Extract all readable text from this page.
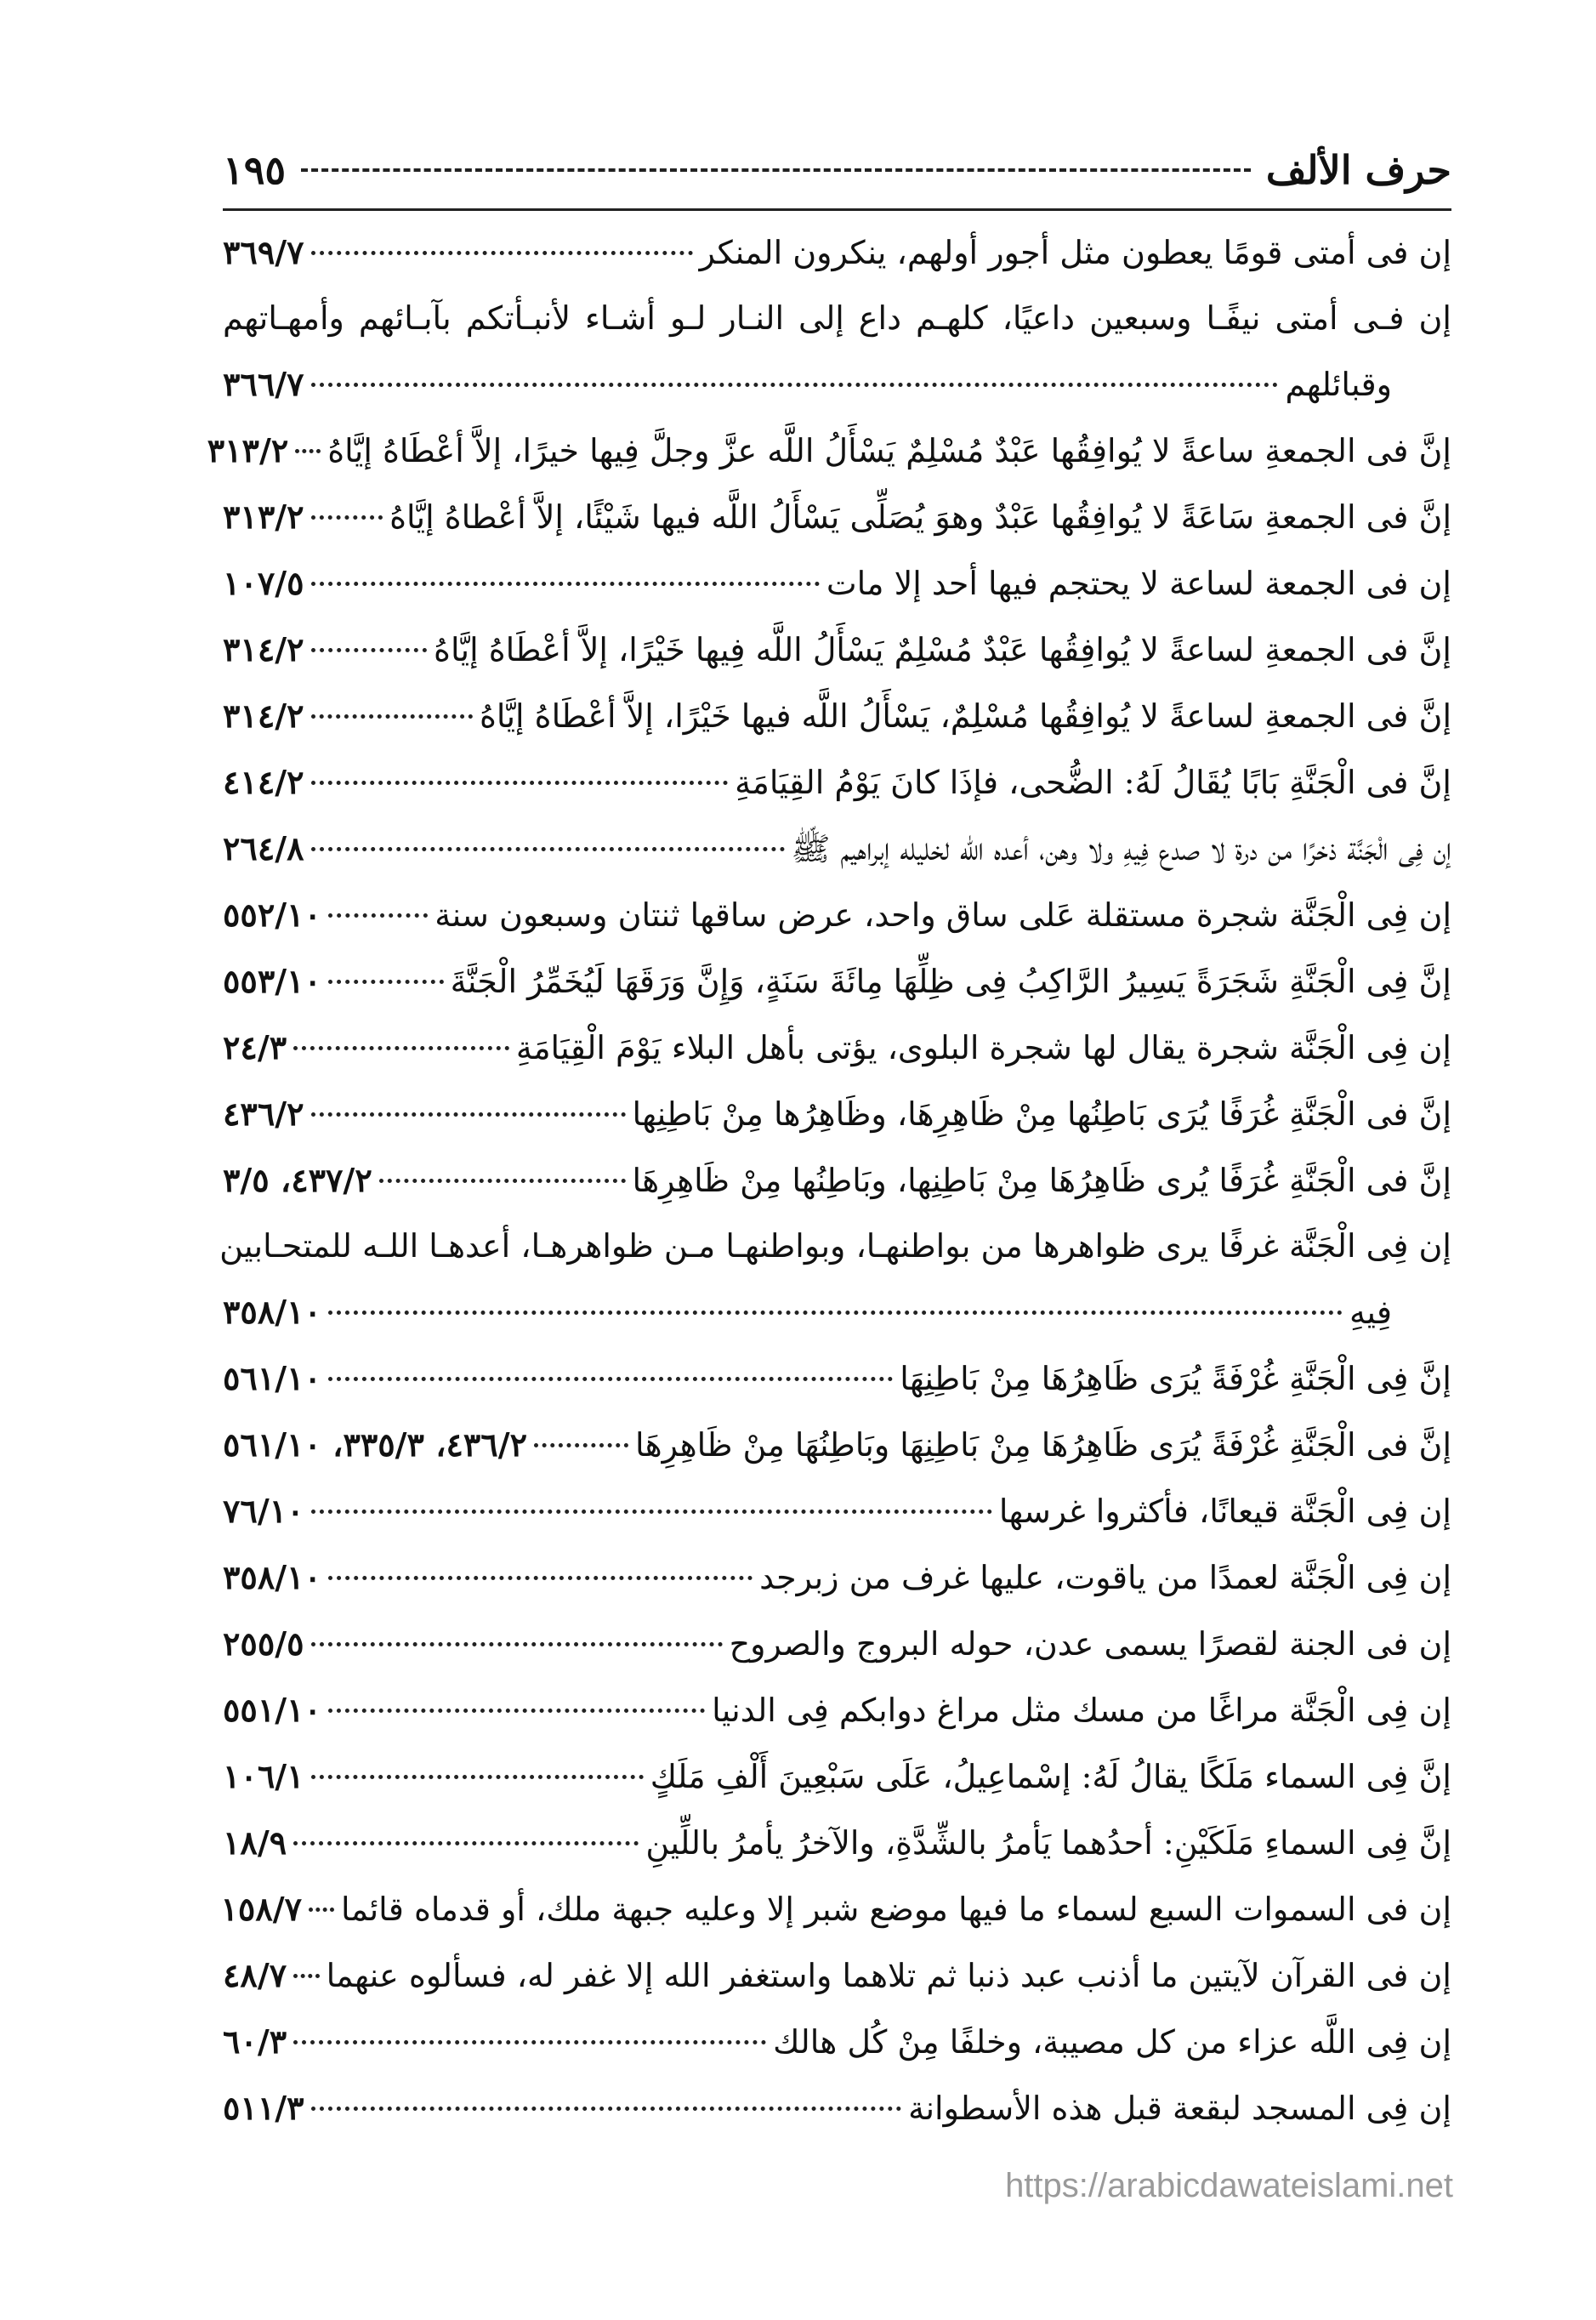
حرف الألف
١٩٥
إن فى أمتى قومًا يعطون مثل أجور أولهم، ينكرون المنكر
٣٦٩/٧
إن فـى أمتى نيفًـا وسبعين داعيًا، كلهـم داع إلى النـار لـو أشـاء لأنبـأتكم بآبـائهم وأمهـاتهم
وقبائلهم
٣٦٦/٧
إنَّ فى الجمعةِ ساعةً لا يُوافِقُها عَبْدٌ مُسْلِمٌ يَسْأَلُ اللَّه عزَّ وجلَّ فِيها خيرًا، إلاَّ أعْطَاهُ إيَّاهُ
٣١٣/٢
إنَّ فى الجمعةِ سَاعَةً لا يُوافِقُها عَبْدٌ وهوَ يُصَلِّى يَسْأَلُ اللَّه فيها شَيْئًا، إلاَّ أعْطاهُ إيَّاهُ
٣١٣/٢
إن فى الجمعة لساعة لا يحتجم فيها أحد إلا مات
١٠٧/٥
إنَّ فى الجمعةِ لساعةً لا يُوافِقُها عَبْدٌ مُسْلِمٌ يَسْأَلُ اللَّه فِيها خَيْرًا، إلاَّ أعْطَاهُ إيَّاهُ
٣١٤/٢
إنَّ فى الجمعةِ لساعةً لا يُوافِقُها مُسْلِمٌ، يَسْأَلُ اللَّه فيها خَيْرًا، إلاَّ أعْطَاهُ إيَّاهُ
٣١٤/٢
إنَّ فى الْجَنَّةِ بَابًا يُقَالُ لَهُ: الضُّحى، فإذَا كانَ يَوْمُ القِيَامَةِ
٤١٤/٢
إن فِى الْجَنَّة ذخرًا من درة لا صدع فِيهِ ولا وهن، أعده الله لخليله إبراهيم ﷺ
٢٦٤/٨
إن فِى الْجَنَّة شجرة مستقلة عَلى ساق واحد، عرض ساقها ثنتان وسبعون سنة
٥٥٢/١٠
إنَّ فِى الْجَنَّةِ شَجَرَةً يَسِيرُ الرَّاكِبُ فِى ظِلِّهَا مِائَةَ سَنَةٍ، وَإِنَّ وَرَقَهَا لَيُخَمِّرُ الْجَنَّةَ
٥٥٣/١٠
إن فِى الْجَنَّة شجرة يقال لها شجرة البلوى، يؤتى بأهل البلاء يَوْمَ الْقِيَامَةِ
٢٤/٣
إنَّ فى الْجَنَّةِ غُرَفًا يُرَى بَاطِنُها مِنْ ظَاهِرِهَا، وظَاهِرُها مِنْ بَاطِنِها
٤٣٦/٢
إنَّ فى الْجَنَّةِ غُرَفًا يُرى ظَاهِرُهَا مِنْ بَاطِنِها، وبَاطِنُها مِنْ ظَاهِرِهَا
٤٣٧/٢، ٣/٥
إن فِى الْجَنَّة غرفًا يرى ظواهرها من بواطنهـا، وبواطنهـا مـن ظواهرهـا، أعدهـا اللـه للمتحـابين
فِيهِ
٣٥٨/١٠
إنَّ فِى الْجَنَّةِ غُرْفَةً يُرَى ظَاهِرُهَا مِنْ بَاطِنِهَا
٥٦١/١٠
إنَّ فى الْجَنَّةِ غُرْفَةً يُرَى ظَاهِرُهَا مِنْ بَاطِنِهَا وبَاطِنُهَا مِنْ ظَاهِرِهَا
٤٣٦/٢، ٣٣٥/٣، ٥٦١/١٠
إن فِى الْجَنَّة قيعانًا، فأكثروا غرسها
٧٦/١٠
إن فِى الْجَنَّة لعمدًا من ياقوت، عليها غرف من زبرجد
٣٥٨/١٠
إن فى الجنة لقصرًا يسمى عدن، حوله البروج والصروح
٢٥٥/٥
إن فِى الْجَنَّة مراغًا من مسك مثل مراغ دوابكم فِى الدنيا
٥٥١/١٠
إنَّ فِى السماء مَلَكًا يقالُ لَهُ: إسْماعِيلُ، عَلَى سَبْعِينَ أَلْفِ مَلَكٍ
١٠٦/١
إنَّ فِى السماءِ مَلَكَيْنِ: أحدُهما يَأمرُ بالشِّدَّةِ، والآخرُ يأمرُ باللِّينِ
١٨/٩
إن فى السموات السبع لسماء ما فيها موضع شبر إلا وعليه جبهة ملك، أو قدماه قائما
١٥٨/٧
إن فى القرآن لآيتين ما أذنب عبد ذنبا ثم تلاهما واستغفر الله إلا غفر له، فسألوه عنهما
٤٨/٧
إن فِى اللَّه عزاء من كل مصيبة، وخلفًا مِنْ كُل هالك
٦٠/٣
إن فِى المسجد لبقعة قبل هذه الأسطوانة
٥١١/٣
https://arabicdawateislami.net
